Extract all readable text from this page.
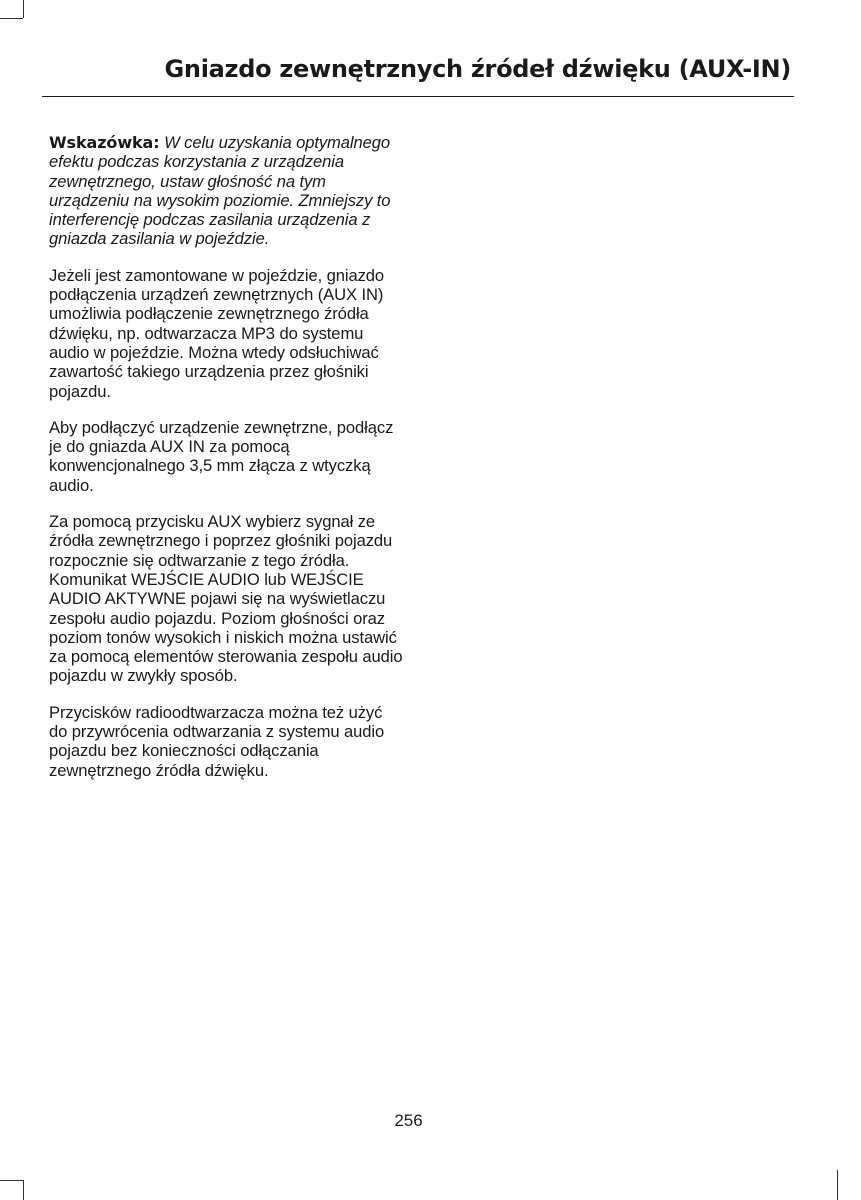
Gniazdo zewnętrznych źródeł dźwięku (AUX-IN)

Wskazówka: W celu uzyskania optymalnego efektu podczas korzystania z urządzenia zewnętrznego, ustaw głośność na tym urządzeniu na wysokim poziomie. Zmniejszy to interferencję podczas zasilania urządzenia z gniazda zasilania w pojeździe.

Jeżeli jest zamontowane w pojeździe, gniazdo podłączenia urządzeń zewnętrznych (AUX IN) umożliwia podłączenie zewnętrznego źródła dźwięku, np. odtwarzacza MP3 do systemu audio w pojeździe. Można wtedy odsłuchiwać zawartość takiego urządzenia przez głośniki pojazdu.

Aby podłączyć urządzenie zewnętrzne, podłącz je do gniazda AUX IN za pomocą konwencjonalnego 3,5 mm złącza z wtyczką audio.

Za pomocą przycisku AUX wybierz sygnał ze źródła zewnętrznego i poprzez głośniki pojazdu rozpocznie się odtwarzanie z tego źródła. Komunikat WEJŚCIE AUDIO lub WEJŚCIE AUDIO AKTYWNE pojawi się na wyświetlaczu zespołu audio pojazdu. Poziom głośności oraz poziom tonów wysokich i niskich można ustawić za pomocą elementów sterowania zespołu audio pojazdu w zwykły sposób.

Przycisków radioodtwarzacza można też użyć do przywrócenia odtwarzania z systemu audio pojazdu bez konieczności odłączania zewnętrznego źródła dźwięku.

256
